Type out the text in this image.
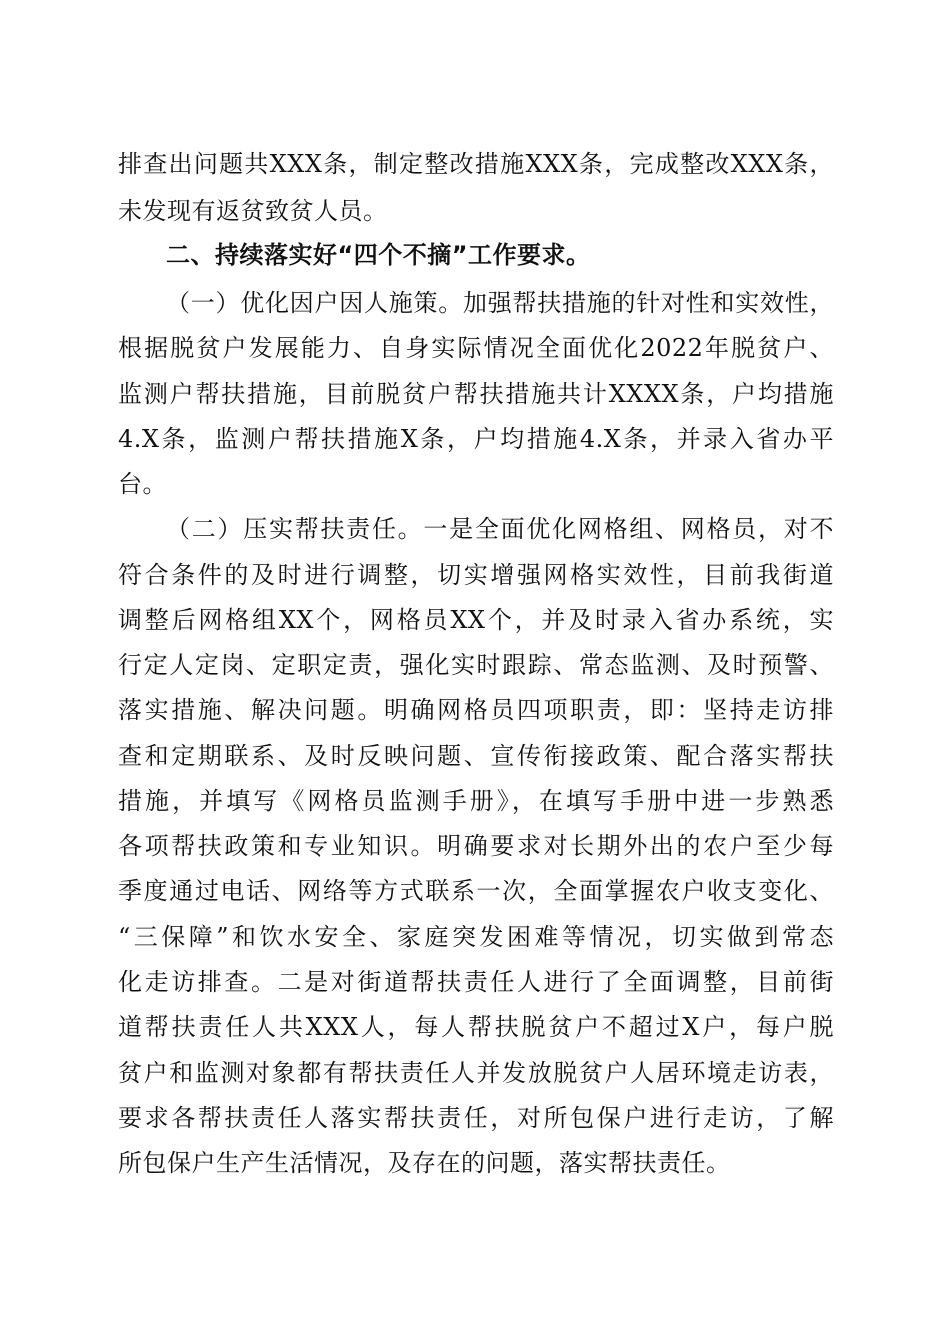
排查出问题共XXX条，制定整改措施XXX条，完成整改XXX条，
未发现有返贫致贫人员。
二、持续落实好“四个不摘”工作要求。
（一）优化因户因人施策。加强帮扶措施的针对性和实效性，
根据脱贫户发展能力、自身实际情况全面优化2022年脱贫户、
监测户帮扶措施，目前脱贫户帮扶措施共计XXXX条，户均措施
4.X条，监测户帮扶措施X条，户均措施4.X条，并录入省办平
台。
（二）压实帮扶责任。一是全面优化网格组、网格员，对不
符合条件的及时进行调整，切实增强网格实效性，目前我街道
调整后网格组XX个，网格员XX个，并及时录入省办系统，实
行定人定岗、定职定责，强化实时跟踪、常态监测、及时预警、
落实措施、解决问题。明确网格员四项职责，即：坚持走访排
查和定期联系、及时反映问题、宣传衔接政策、配合落实帮扶
措施，并填写《网格员监测手册》，在填写手册中进一步熟悉
各项帮扶政策和专业知识。明确要求对长期外出的农户至少每
季度通过电话、网络等方式联系一次，全面掌握农户收支变化、
“三保障”和饮水安全、家庭突发困难等情况，切实做到常态
化走访排查。二是对街道帮扶责任人进行了全面调整，目前街
道帮扶责任人共XXX人，每人帮扶脱贫户不超过X户，每户脱
贫户和监测对象都有帮扶责任人并发放脱贫户人居环境走访表，
要求各帮扶责任人落实帮扶责任，对所包保户进行走访，了解
所包保户生产生活情况，及存在的问题，落实帮扶责任。
